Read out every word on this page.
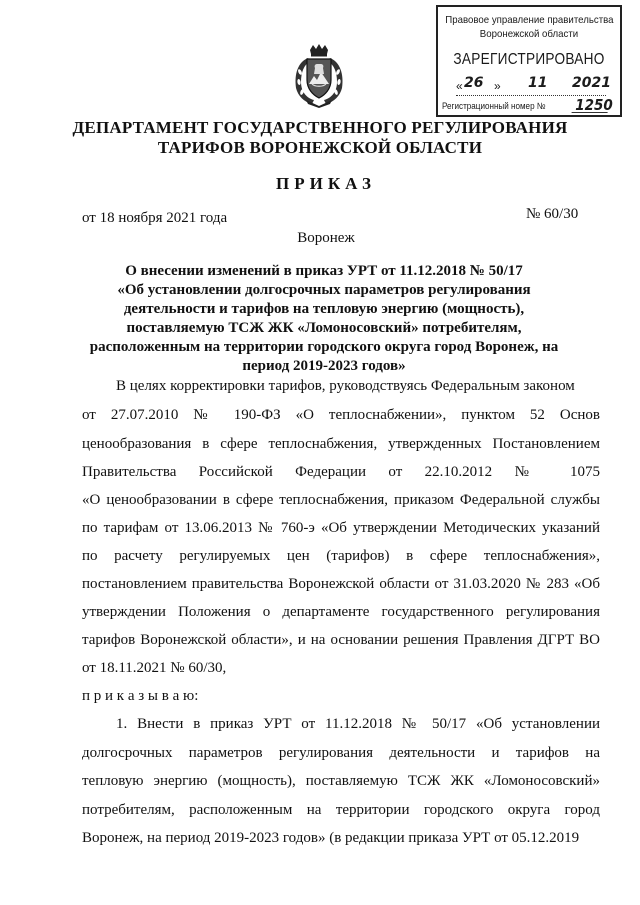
Правовое управление правительства
Воронежской области
ЗАРЕГИСТРИРОВАНО
« 26 » 11 2021
Регистрационный номер № 1250
ДЕПАРТАМЕНТ ГОСУДАРСТВЕННОГО РЕГУЛИРОВАНИЯ
ТАРИФОВ ВОРОНЕЖСКОЙ ОБЛАСТИ
ПРИКАЗ
от 18 ноября 2021 года	№ 60/30
Воронеж
О внесении изменений в приказ УРТ от 11.12.2018 № 50/17
«Об установлении долгосрочных параметров регулирования
деятельности и тарифов на тепловую энергию (мощность),
поставляемую ТСЖ ЖК «Ломоносовский» потребителям,
расположенным на территории городского округа город Воронеж, на
период 2019-2023 годов»
В целях корректировки тарифов, руководствуясь Федеральным законом
от 27.07.2010 № 190-ФЗ «О теплоснабжении», пунктом 52 Основ
ценообразования в сфере теплоснабжения, утвержденных Постановлением
Правительства Российской Федерации от 22.10.2012 № 1075
«О ценообразовании в сфере теплоснабжения, приказом Федеральной службы
по тарифам от 13.06.2013 № 760-э «Об утверждении Методических указаний
по расчету регулируемых цен (тарифов) в сфере теплоснабжения»,
постановлением правительства Воронежской области от 31.03.2020 № 283 «Об
утверждении Положения о департаменте государственного регулирования
тарифов Воронежской области», и на основании решения Правления ДГРТ ВО
от 18.11.2021 № 60/30,
п р и к а з ы в а ю:
1. Внести в приказ УРТ от 11.12.2018 № 50/17 «Об установлении
долгосрочных параметров регулирования деятельности и тарифов на
тепловую энергию (мощность), поставляемую ТСЖ ЖК «Ломоносовский»
потребителям, расположенным на территории городского округа город
Воронеж, на период 2019-2023 годов» (в редакции приказа УРТ от 05.12.2019
